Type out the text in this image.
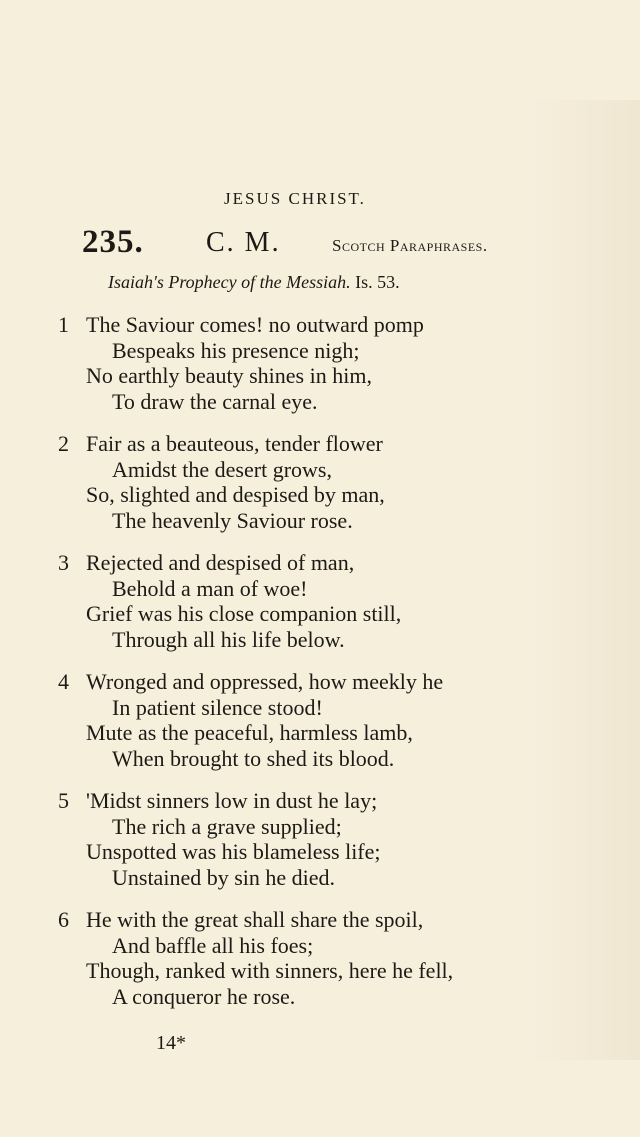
JESUS CHRIST.
235. C. M.	Scotch Paraphrases.
Isaiah's Prophecy of the Messiah. Is. 53.
1 The Saviour comes! no outward pomp
Bespeaks his presence nigh;
No earthly beauty shines in him,
To draw the carnal eye.
2 Fair as a beauteous, tender flower
Amidst the desert grows,
So, slighted and despised by man,
The heavenly Saviour rose.
3 Rejected and despised of man,
Behold a man of woe!
Grief was his close companion still,
Through all his life below.
4 Wronged and oppressed, how meekly he
In patient silence stood!
Mute as the peaceful, harmless lamb,
When brought to shed its blood.
5 'Midst sinners low in dust he lay;
The rich a grave supplied;
Unspotted was his blameless life;
Unstained by sin he died.
6 He with the great shall share the spoil,
And baffle all his foes;
Though, ranked with sinners, here he fell,
A conqueror he rose.
14*
